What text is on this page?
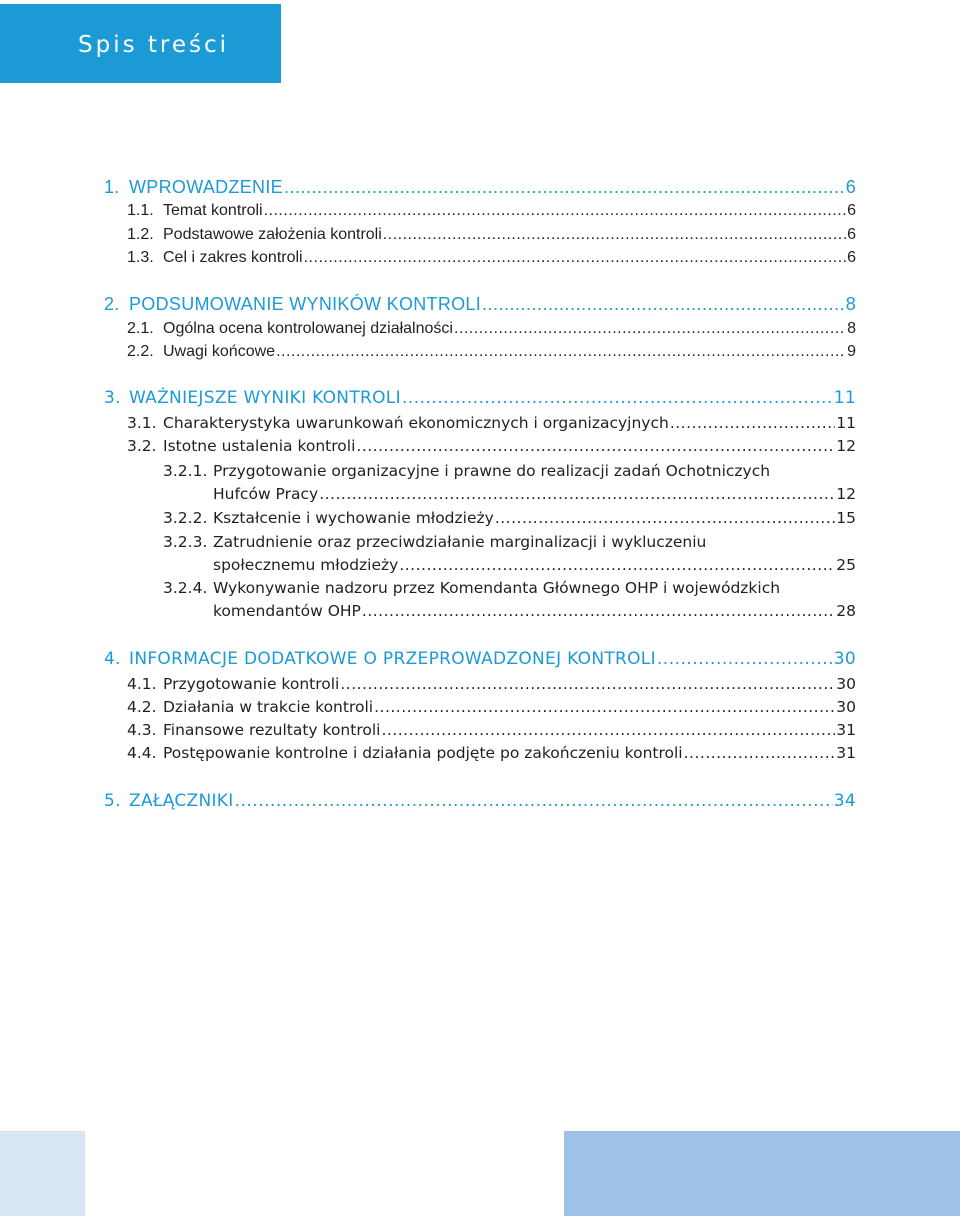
Spis treści
1. WPROWADZENIE .....	6
1.1. Temat kontroli .....	6
1.2. Podstawowe założenia kontroli .....	6
1.3. Cel i zakres kontroli .....	6
2. PODSUMOWANIE WYNIKÓW KONTROLI .....	8
2.1. Ogólna ocena kontrolowanej działalności .....	8
2.2. Uwagi końcowe .....	9
3. WAŻNIEJSZE WYNIKI KONTROLI .....	11
3.1. Charakterystyka uwarunkowań ekonomicznych i organizacyjnych .....	11
3.2. Istotne ustalenia kontroli .....	12
3.2.1. Przygotowanie organizacyjne i prawne do realizacji zadań Ochotniczych
Hufców Pracy .....	12
3.2.2. Kształcenie i wychowanie młodzieży .....	15
3.2.3. Zatrudnienie oraz przeciwdziałanie marginalizacji i wykluczeniu
społecznemu młodzieży .....	25
3.2.4. Wykonywanie nadzoru przez Komendanta Głównego OHP i wojewódzkich
komendantów OHP .....	28
4. INFORMACJE DODATKOWE O PRZEPROWADZONEJ KONTROLI .....	30
4.1. Przygotowanie kontroli .....	30
4.2. Działania w trakcie kontroli .....	30
4.3. Finansowe rezultaty kontroli .....	31
4.4. Postępowanie kontrolne i działania podjęte po zakończeniu kontroli .....	31
5. ZAŁĄCZNIKI .....	34
